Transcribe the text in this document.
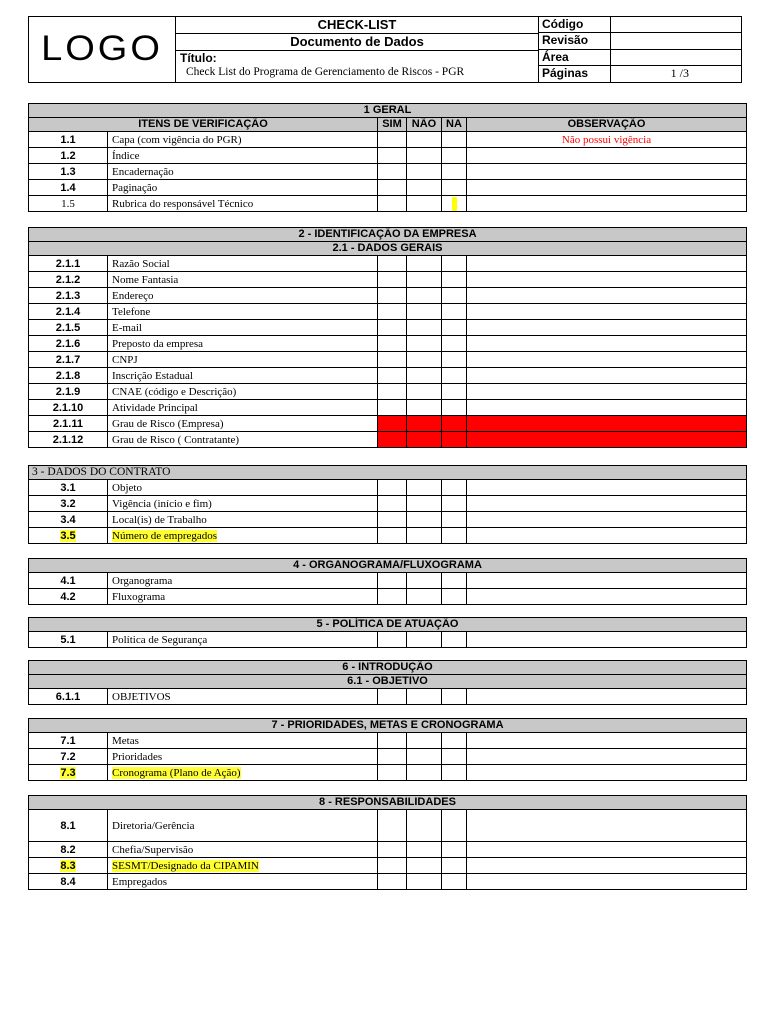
LOGO
CHECK-LIST
Documento de Dados
Título:
Check List do Programa de Gerenciamento de Riscos - PGR
Código
Revisão
Área
Páginas	1 /3
1 GERAL					
ITENS DE VERIFICAÇÃO		SIM	NÃO	NA	OBSERVAÇÃO
1.1	Capa (com vigência do PGR)				Não possui vigência
1.2	Índice				
1.3	Encadernação				
1.4	Paginação				
1.5	Rubrica do responsável Técnico				
2 - IDENTIFICAÇÃO DA EMPRESA					
2.1 - DADOS GERAIS					
2.1.1	Razão Social				
2.1.2	Nome Fantasia				
2.1.3	Endereço				
2.1.4	Telefone				
2.1.5	E-mail				
2.1.6	Preposto da empresa				
2.1.7	CNPJ				
2.1.8	Inscrição Estadual				
2.1.9	CNAE (código e Descrição)				
2.1.10	Atividade Principal				
2.1.11	Grau de Risco (Empresa)				
2.1.12	Grau de Risco ( Contratante)				
3 - DADOS DO CONTRATO					
3.1	Objeto				
3.2	Vigência (início e fim)				
3.4	Local(is) de Trabalho				
3.5	Número de empregados				
4 - ORGANOGRAMA/FLUXOGRAMA					
4.1	Organograma				
4.2	Fluxograma				
5 - POLÍTICA DE ATUAÇÃO
5.1	Política de Segurança				
6 - INTRODUÇÃO
6.1 - OBJETIVO
6.1.1	OBJETIVOS				
7 - PRIORIDADES, METAS E CRONOGRAMA					
7.1	Metas				
7.2	Prioridades				
7.3	Cronograma (Plano de Ação)				
8 - RESPONSABILIDADES					
8.1	Diretoria/Gerência				
8.2	Chefia/Supervisão				
8.3	SESMT/Designado da CIPAMIN				
8.4	Empregados				
